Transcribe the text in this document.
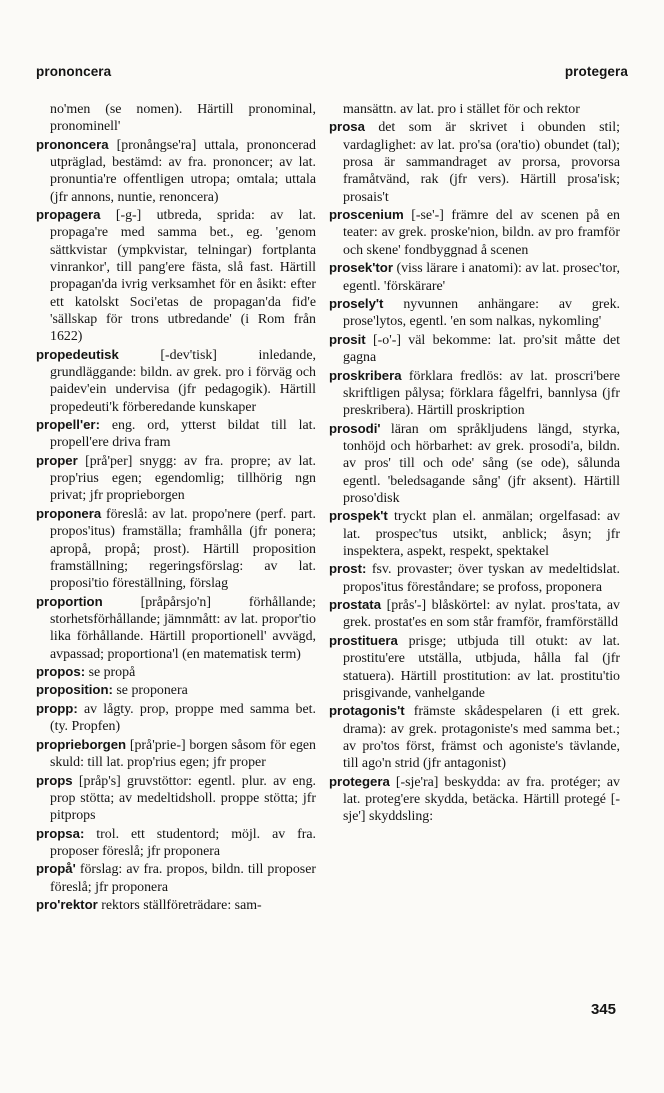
prononcera	protegera

no'men (se nomen). Härtill pronominal, pronominell'

prononcera [pronångse'ra] uttala, prononcerad utpräglad, bestämd: av fra. prononcer; av lat. pronuntia're offentligen utropa; omtala; uttala (jfr annons, nuntie, renoncera)

propagera [-g-] utbreda, sprida: av lat. propaga're med samma bet., eg. 'genom sättkvistar (ympkvistar, telningar) fortplanta vinrankor', till pang'ere fästa, slå fast. Härtill propagan'da ivrig verksamhet för en åsikt: efter ett katolskt Soci'etas de propagan'da fid'e 'sällskap för trons utbredande' (i Rom från 1622)

propedeutisk [-dev'tisk] inledande, grundläggande: bildn. av grek. pro i förväg och paidev'ein undervisa (jfr pedagogik). Härtill propedeuti'k förberedande kunskaper

propell'er: eng. ord, ytterst bildat till lat. propell'ere driva fram

proper [prå'per] snygg: av fra. propre; av lat. prop'rius egen; egendomlig; tillhörig ngn privat; jfr proprieborgen

proponera föreslå: av lat. propo'nere (perf. part. propos'itus) framställa; framhålla (jfr ponera; apropå, propå; prost). Härtill proposition framställning; regeringsförslag: av lat. proposi'tio föreställning, förslag

proportion [pråpårsjo'n] förhållande; storhetsförhållande; jämnmått: av lat. propor'tio lika förhållande. Härtill proportionell' avvägd, avpassad; proportiona'l (en matematisk term)

propos: se propå

proposition: se proponera

propp: av lågty. prop, proppe med samma bet. (ty. Propfen)

proprieborgen [prå'prie-] borgen såsom för egen skuld: till lat. prop'rius egen; jfr proper

props [pråp's] gruvstöttor: egentl. plur. av eng. prop stötta; av medeltidsholl. proppe stötta; jfr pitprops

propsa: trol. ett studentord; möjl. av fra. proposer föreslå; jfr proponera

propå' förslag: av fra. propos, bildn. till proposer föreslå; jfr proponera

pro'rektor rektors ställföreträdare: sam-

mansättn. av lat. pro i stället för och rektor

prosa det som är skrivet i obunden stil; vardaglighet: av lat. pro'sa (ora'tio) obundet (tal); prosa är sammandraget av prorsa, provorsa framåtvänd, rak (jfr vers). Härtill prosa'isk; prosais't

proscenium [-se'-] främre del av scenen på en teater: av grek. proske'nion, bildn. av pro framför och skene' fondbyggnad å scenen

prosek'tor (viss lärare i anatomi): av lat. prosec'tor, egentl. 'förskärare'

prosely't nyvunnen anhängare: av grek. prose'lytos, egentl. 'en som nalkas, nykomling'

prosit [-o'-] väl bekomme: lat. pro'sit måtte det gagna

proskribera förklara fredlös: av lat. proscri'bere skriftligen pålysa; förklara fågelfri, bannlysa (jfr preskribera). Härtill proskription

prosodi' läran om språkljudens längd, styrka, tonhöjd och hörbarhet: av grek. prosodi'a, bildn. av pros' till och ode' sång (se ode), sålunda egentl. 'beledsagande sång' (jfr aksent). Härtill proso'disk

prospek't tryckt plan el. anmälan; orgelfasad: av lat. prospec'tus utsikt, anblick; åsyn; jfr inspektera, aspekt, respekt, spektakel

prost: fsv. provaster; över tyskan av medeltidslat. propos'itus föreståndare; se profoss, proponera

prostata [prås'-] blåskörtel: av nylat. pros'tata, av grek. prostat'es en som står framför, framförställd

prostituera prisge; utbjuda till otukt: av lat. prostitu'ere utställa, utbjuda, hålla fal (jfr statuera). Härtill prostitution: av lat. prostitu'tio prisgivande, vanhelgande

protagonis't främste skådespelaren (i ett grek. drama): av grek. protagoniste's med samma bet.; av pro'tos först, främst och agoniste's tävlande, till ago'n strid (jfr antagonist)

protegera [-sje'ra] beskydda: av fra. protéger; av lat. proteg'ere skydda, betäcka. Härtill protegé [-sje'] skyddsling:

345
